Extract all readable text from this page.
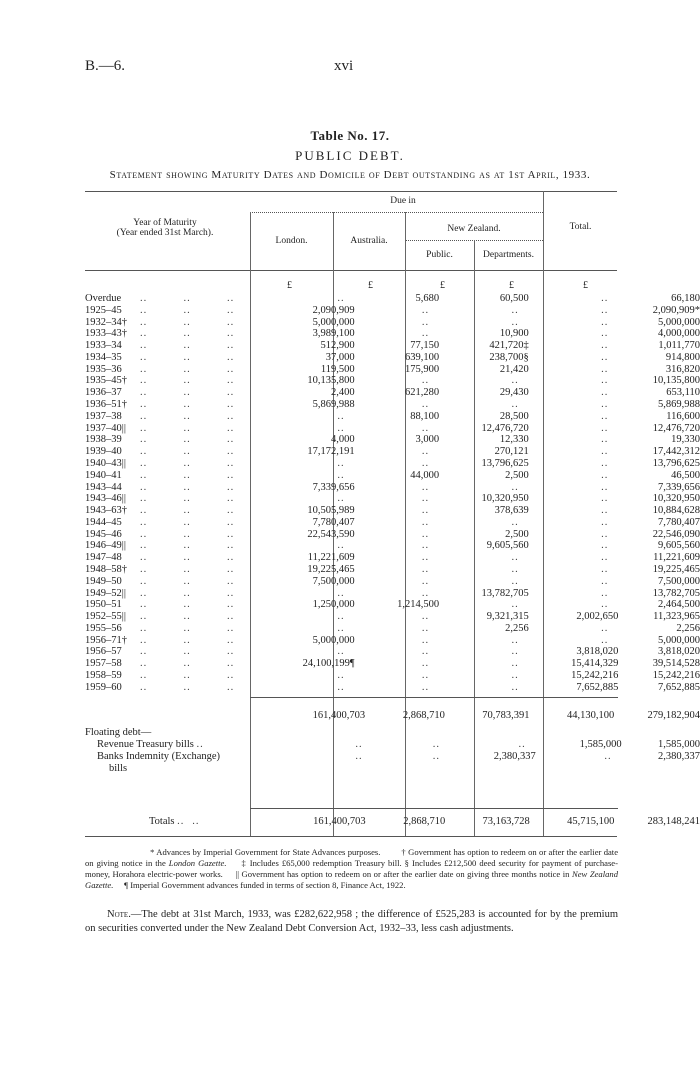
B.—6.	xvi
Table No. 17.
PUBLIC DEBT.
Statement showing Maturity Dates and Domicile of Debt outstanding as at 1st April, 1933.
Year of Maturity
(Year ended 31st March).
Due in
London.	Australia.
New Zealand.
Public.	Departments.
Total.
£	£	£	£	£
Overdue ..          ..          ..	..	5,680	60,500	..	66,180
1925–45 ..          ..          ..	2,090,909	..	..	..	2,090,909*
1932–34† ..          ..          ..	5,000,000	..	..	..	5,000,000
1933–43† ..          ..          ..	3,989,100	..	10,900	..	4,000,000
1933–34 ..          ..          ..	512,900	77,150	421,720‡	..	1,011,770
1934–35 ..          ..          ..	37,000	639,100	238,700§	..	914,800
1935–36 ..          ..          ..	119,500	175,900	21,420	..	316,820
1935–45† ..          ..          ..	10,135,800	..	..	..	10,135,800
1936–37 ..          ..          ..	2,400	621,280	29,430	..	653,110
1936–51† ..          ..          ..	5,869,988	..	..	..	5,869,988
1937–38 ..          ..          ..	..	88,100	28,500	..	116,600
1937–40|| ..          ..          ..	..	..	12,476,720	..	12,476,720
1938–39 ..          ..          ..	4,000	3,000	12,330	..	19,330
1939–40 ..          ..          ..	17,172,191	..	270,121	..	17,442,312
1940–43|| ..          ..          ..	..	..	13,796,625	..	13,796,625
1940–41 ..          ..          ..	..	44,000	2,500	..	46,500
1943–44 ..          ..          ..	7,339,656	..	..	..	7,339,656
1943–46|| ..          ..          ..	..	..	10,320,950	..	10,320,950
1943–63† ..          ..          ..	10,505,989	..	378,639	..	10,884,628
1944–45 ..          ..          ..	7,780,407	..	..	..	7,780,407
1945–46 ..          ..          ..	22,543,590	..	2,500	..	22,546,090
1946–49|| ..          ..          ..	..	..	9,605,560	..	9,605,560
1947–48 ..          ..          ..	11,221,609	..	..	..	11,221,609
1948–58† ..          ..          ..	19,225,465	..	..	..	19,225,465
1949–50 ..          ..          ..	7,500,000	..	..	..	7,500,000
1949–52|| ..          ..          ..	..	..	13,782,705	..	13,782,705
1950–51 ..          ..          ..	1,250,000	1,214,500	..	..	2,464,500
1952–55|| ..          ..          ..	..	..	9,321,315	2,002,650	11,323,965
1955–56 ..          ..          ..	..	..	2,256	..	2,256
1956–71† ..          ..          ..	5,000,000	..	..	..	5,000,000
1956–57 ..          ..          ..	..	..	..	3,818,020	3,818,020
1957–58 ..          ..          ..	24,100,199¶	..	..	15,414,329	39,514,528
1958–59 ..          ..          ..	..	..	..	15,242,216	15,242,216
1959–60 ..          ..          ..	..	..	..	7,652,885	7,652,885
	161,400,703	2,868,710	70,783,391	44,130,100	279,182,904
Floating debt—					
Revenue Treasury bills ..	..	..	..	1,585,000	1,585,000
Banks Indemnity (Exchange)	..	..	2,380,337	..	2,380,337
bills					
Totals .. ..	161,400,703	2,868,710	73,163,728	45,715,100	283,148,241
* Advances by Imperial Government for State Advances purposes. † Government has option to redeem on or after the earlier date on giving notice in the London Gazette. ‡ Includes £65,000 redemption Treasury bill. § Includes £212,500 deed security for payment of purchase-money, Horahora electric-power works. || Government has option to redeem on or after the earlier date on giving three months notice in New Zealand Gazette. ¶ Imperial Government advances funded in terms of section 8, Finance Act, 1922.
Note.—The debt at 31st March, 1933, was £282,622,958 ; the difference of £525,283 is accounted for by the premium on securities converted under the New Zealand Debt Conversion Act, 1932–33, less cash adjustments.
